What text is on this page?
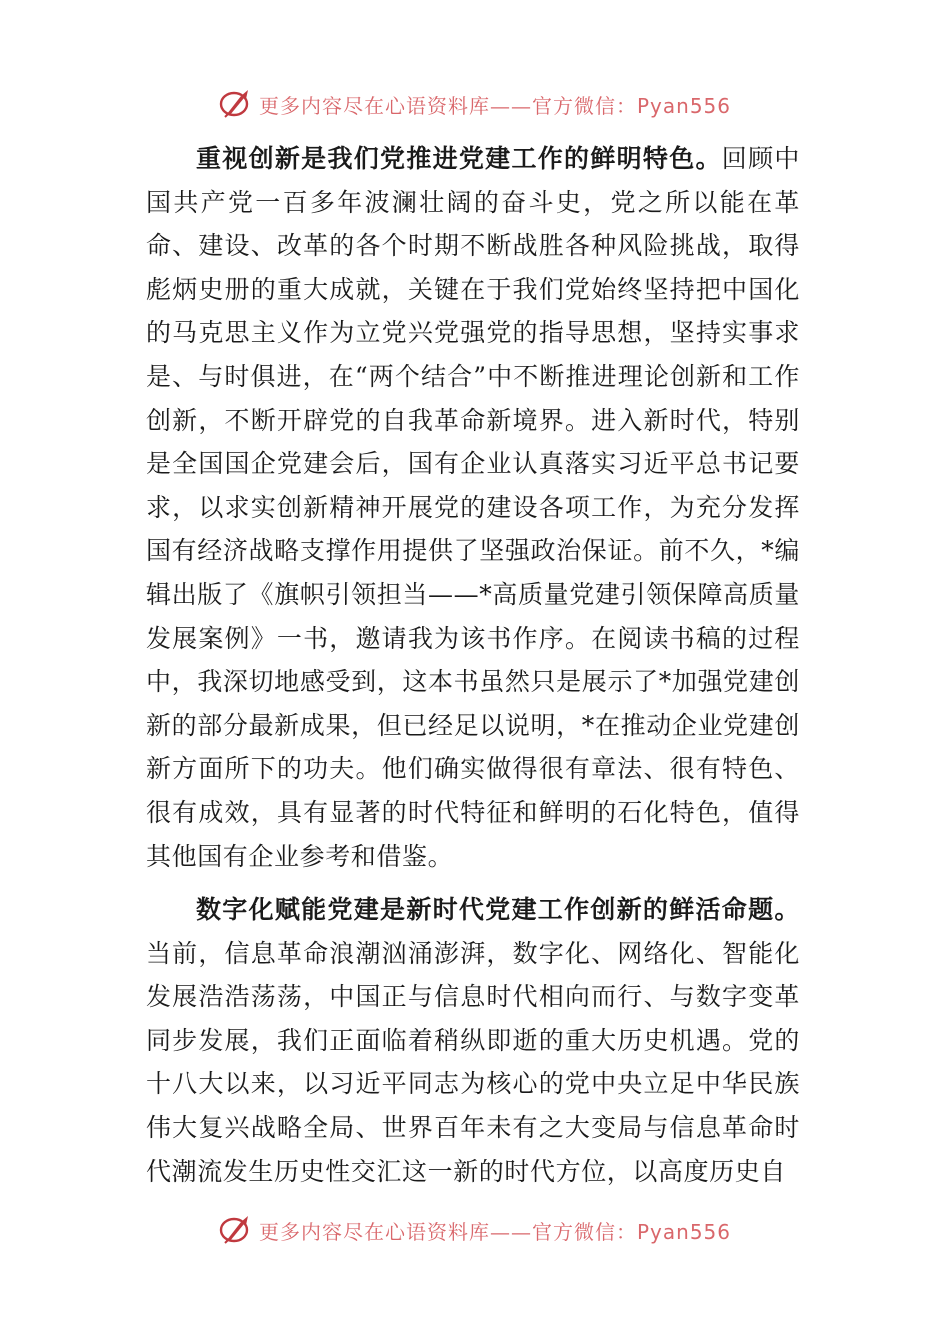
更多内容尽在心语资料库——官方微信：Pyan556

重视创新是我们党推进党建工作的鲜明特色。回顾中国共产党一百多年波澜壮阔的奋斗史，党之所以能在革命、建设、改革的各个时期不断战胜各种风险挑战，取得彪炳史册的重大成就，关键在于我们党始终坚持把中国化的马克思主义作为立党兴党强党的指导思想，坚持实事求是、与时俱进，在“两个结合”中不断推进理论创新和工作创新，不断开辟党的自我革命新境界。进入新时代，特别是全国国企党建会后，国有企业认真落实习近平总书记要求，以求实创新精神开展党的建设各项工作，为充分发挥国有经济战略支撑作用提供了坚强政治保证。前不久，*编辑出版了《旗帜引领担当——*高质量党建引领保障高质量发展案例》一书，邀请我为该书作序。在阅读书稿的过程中，我深切地感受到，这本书虽然只是展示了*加强党建创新的部分最新成果，但已经足以说明，*在推动企业党建创新方面所下的功夫。他们确实做得很有章法、很有特色、很有成效，具有显著的时代特征和鲜明的石化特色，值得其他国有企业参考和借鉴。

数字化赋能党建是新时代党建工作创新的鲜活命题。当前，信息革命浪潮汹涌澎湃，数字化、网络化、智能化发展浩浩荡荡，中国正与信息时代相向而行、与数字变革同步发展，我们正面临着稍纵即逝的重大历史机遇。党的十八大以来，以习近平同志为核心的党中央立足中华民族伟大复兴战略全局、世界百年未有之大变局与信息革命时代潮流发生历史性交汇这一新的时代方位，以高度历史自

更多内容尽在心语资料库——官方微信：Pyan556
